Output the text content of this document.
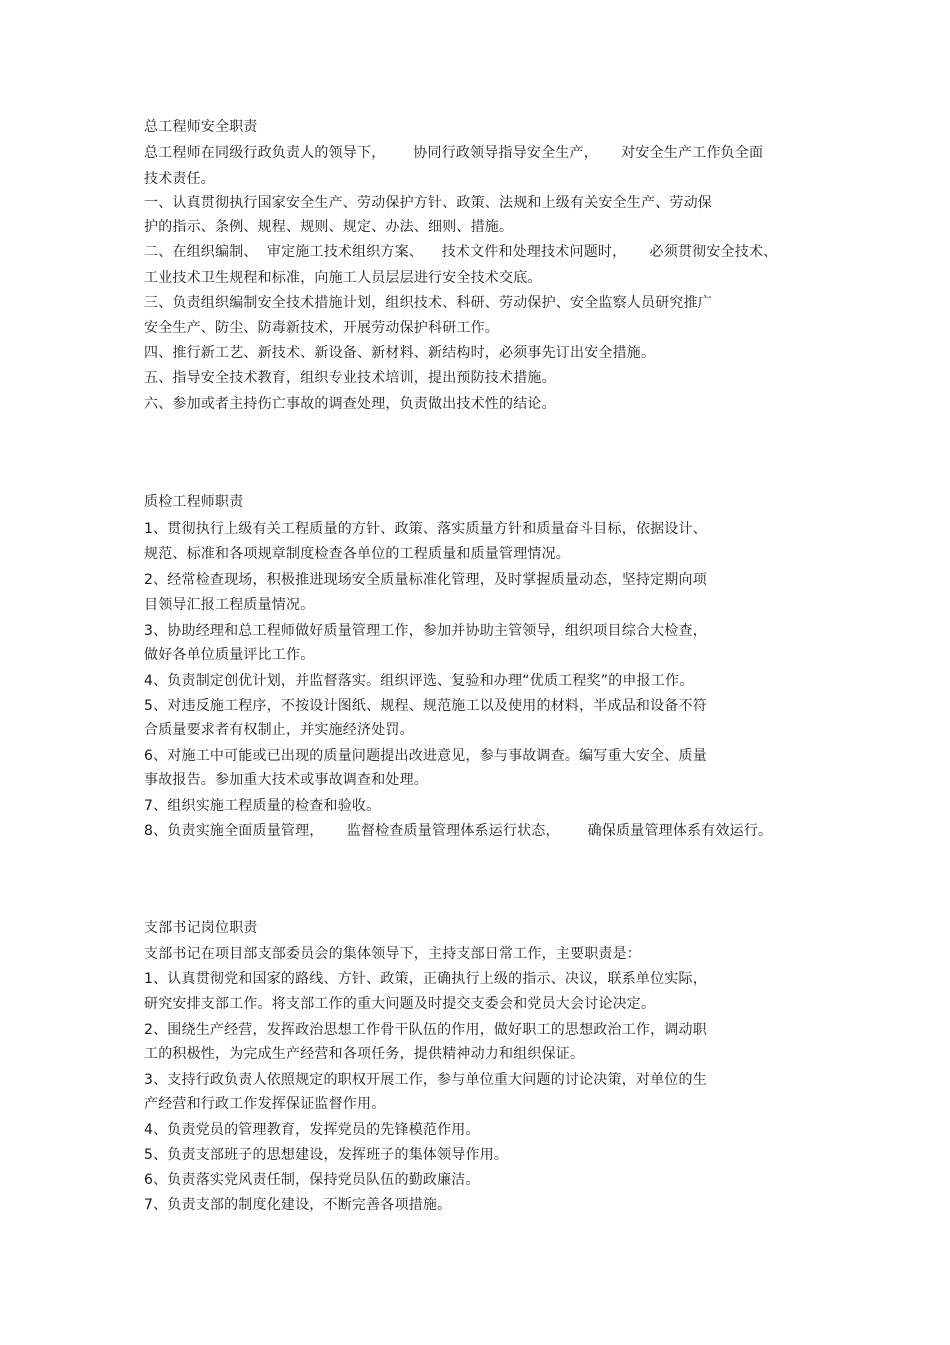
总工程师安全职责

总工程师在同级行政负责人的领导下，      协同行政领导指导安全生产，     对安全生产工作负全面

技术责任。

一、认真贯彻执行国家安全生产、劳动保护方针、政策、法规和上级有关安全生产、劳动保

护的指示、条例、规程、规则、规定、办法、细则、措施。

二、在组织编制、  审定施工技术组织方案、    技术文件和处理技术问题时，     必须贯彻安全技术、

工业技术卫生规程和标准，向施工人员层层进行安全技术交底。

三、负责组织编制安全技术措施计划，组织技术、科研、劳动保护、安全监察人员研究推广

安全生产、防尘、防毒新技术，开展劳动保护科研工作。

四、推行新工艺、新技术、新设备、新材料、新结构时，必须事先订出安全措施。

五、指导安全技术教育，组织专业技术培训，提出预防技术措施。

六、参加或者主持伤亡事故的调查处理，负责做出技术性的结论。

质检工程师职责

1、贯彻执行上级有关工程质量的方针、政策、落实质量方针和质量奋斗目标，依据设计、

规范、标准和各项规章制度检查各单位的工程质量和质量管理情况。

2、经常检查现场，积极推进现场安全质量标准化管理，及时掌握质量动态，坚持定期向项

目领导汇报工程质量情况。

3、协助经理和总工程师做好质量管理工作，参加并协助主管领导，组织项目综合大检查，

做好各单位质量评比工作。

4、负责制定创优计划，并监督落实。组织评选、复验和办理“优质工程奖”的申报工作。

5、对违反施工程序，不按设计图纸、规程、规范施工以及使用的材料，半成品和设备不符

合质量要求者有权制止，并实施经济处罚。

6、对施工中可能或已出现的质量问题提出改进意见，参与事故调查。编写重大安全、质量

事故报告。参加重大技术或事故调查和处理。

7、组织实施工程质量的检查和验收。

8、负责实施全面质量管理，     监督检查质量管理体系运行状态，      确保质量管理体系有效运行。

支部书记岗位职责

支部书记在项目部支部委员会的集体领导下，主持支部日常工作，主要职责是：

1、认真贯彻党和国家的路线、方针、政策，正确执行上级的指示、决议，联系单位实际，

研究安排支部工作。将支部工作的重大问题及时提交支委会和党员大会讨论决定。

2、围绕生产经营，发挥政治思想工作骨干队伍的作用，做好职工的思想政治工作，调动职

工的积极性，为完成生产经营和各项任务，提供精神动力和组织保证。

3、支持行政负责人依照规定的职权开展工作，参与单位重大问题的讨论决策，对单位的生

产经营和行政工作发挥保证监督作用。

4、负责党员的管理教育，发挥党员的先锋模范作用。

5、负责支部班子的思想建设，发挥班子的集体领导作用。

6、负责落实党风责任制，保持党员队伍的勤政廉洁。

7、负责支部的制度化建设，不断完善各项措施。
